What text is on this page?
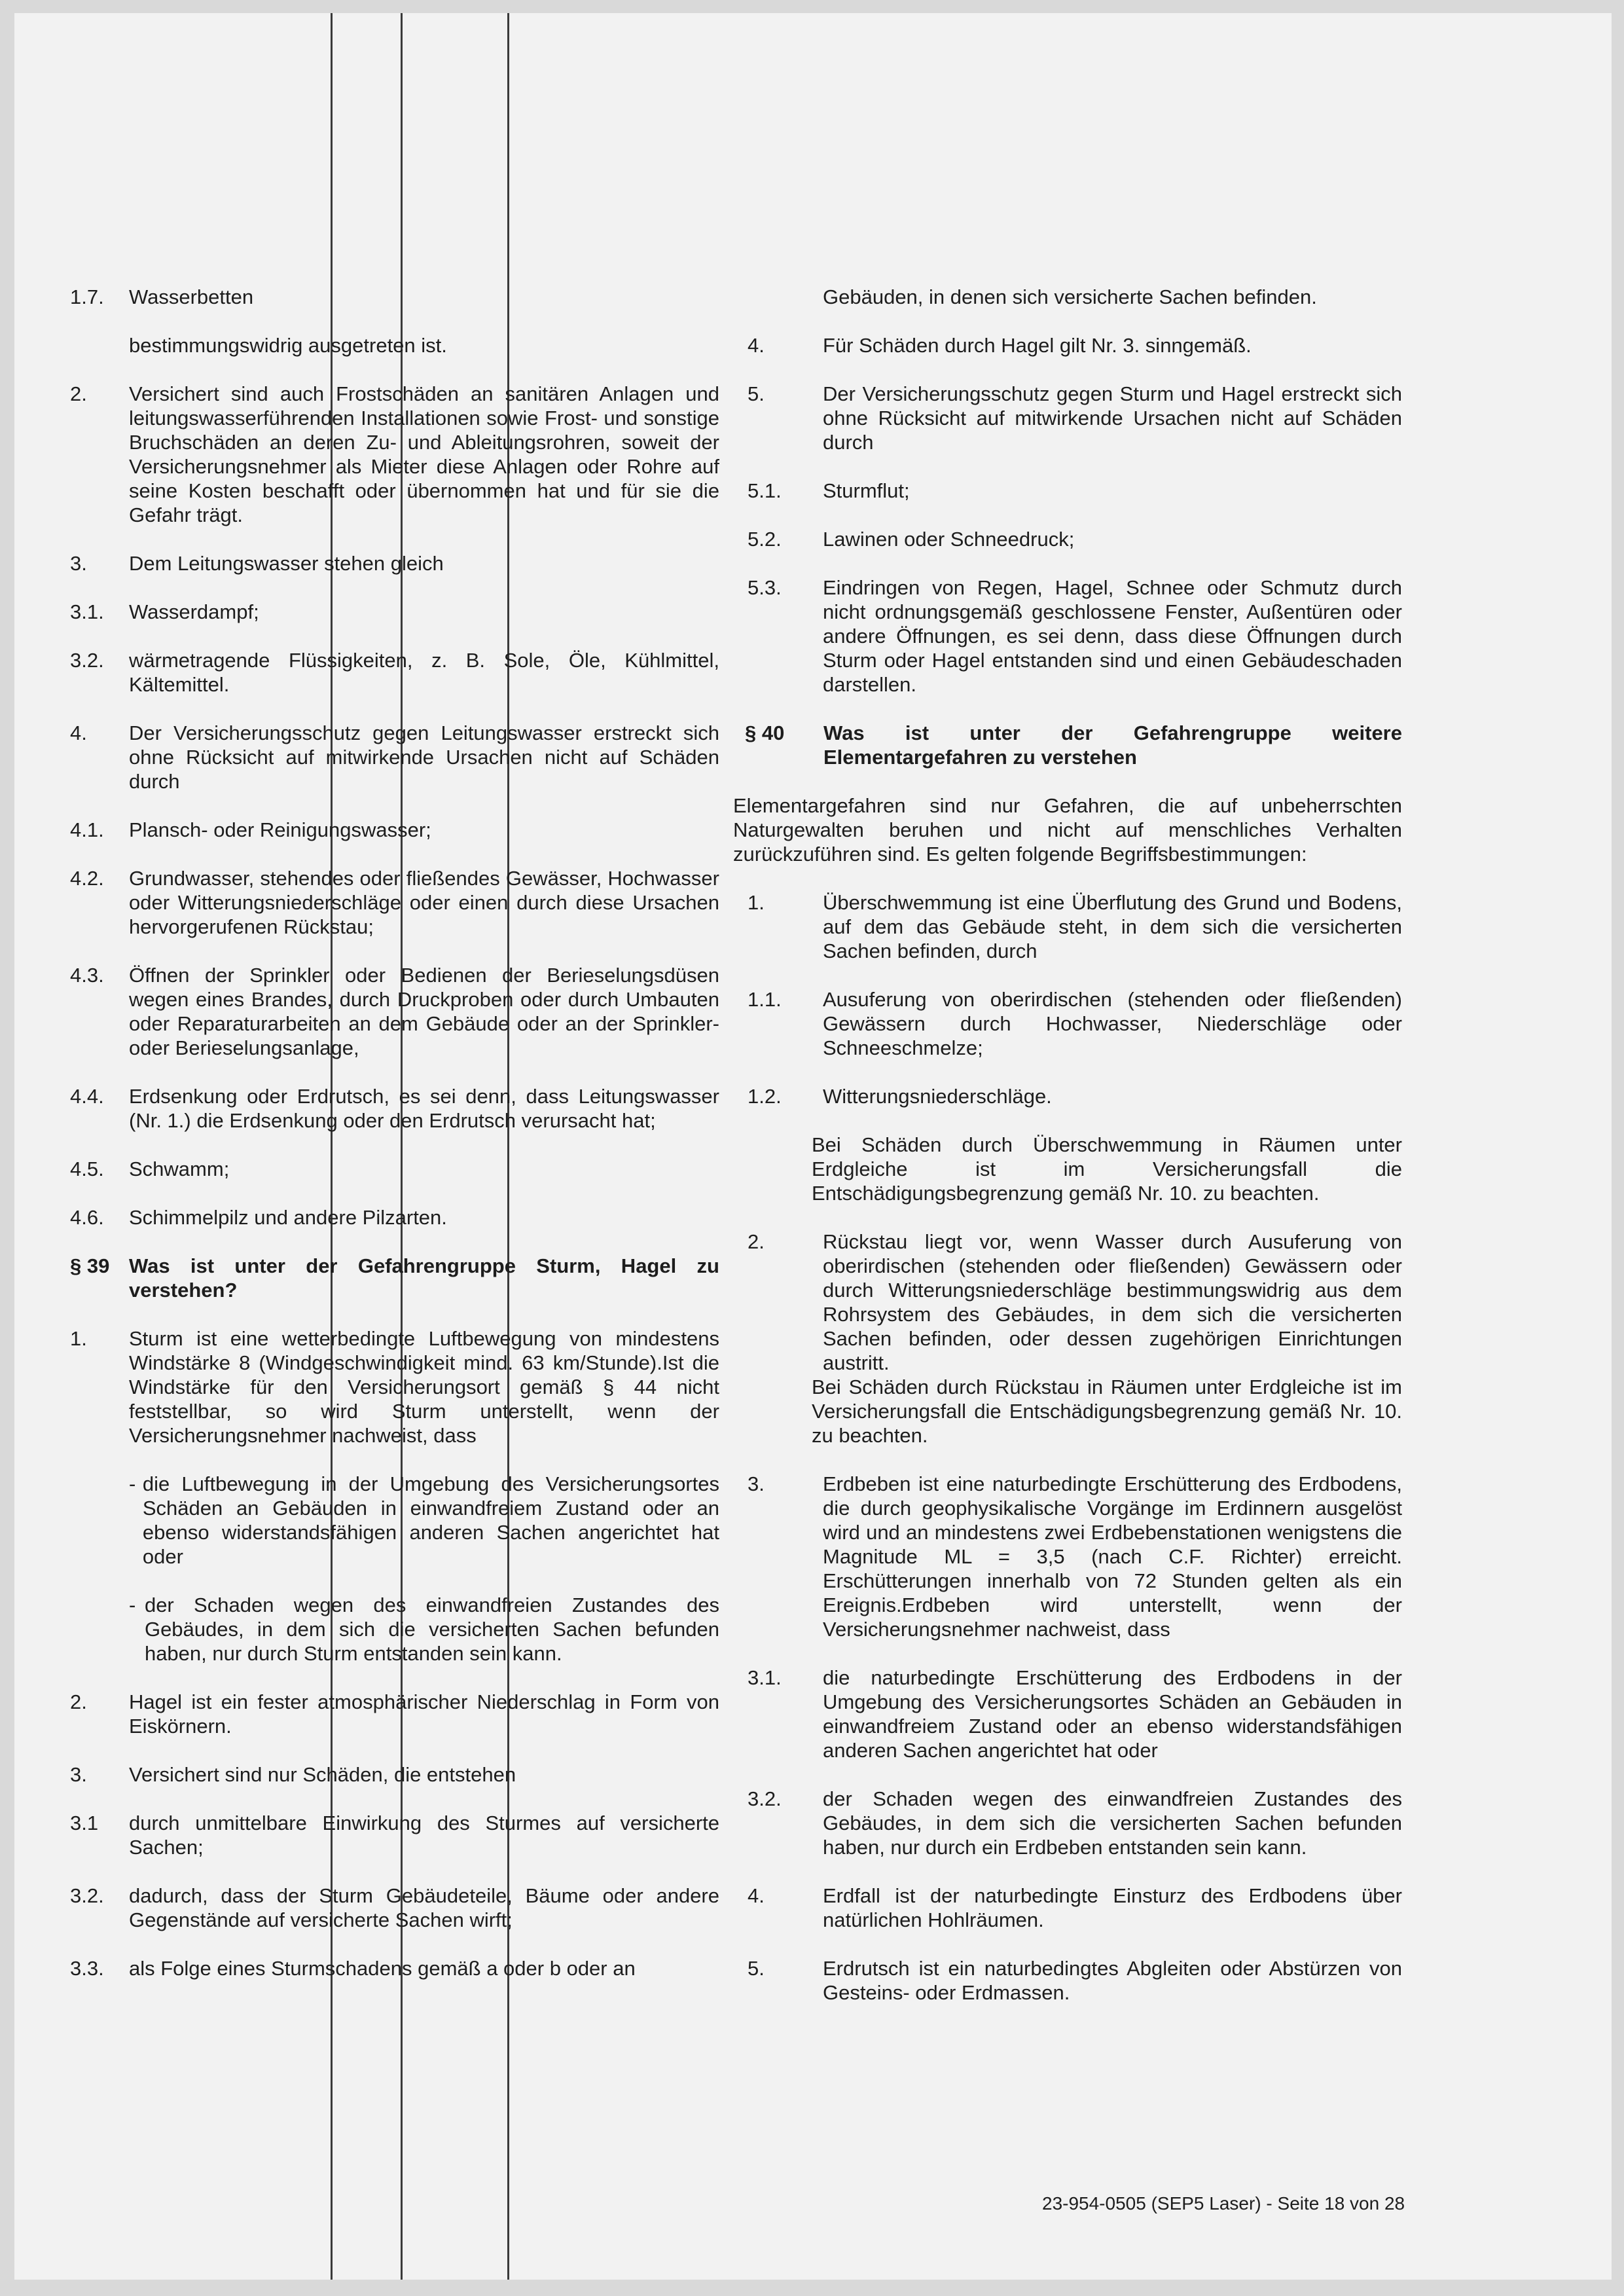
1.7.	Wasserbetten
bestimmungswidrig ausgetreten ist.
2.	Versichert sind auch Frostschäden an sanitären Anlagen und leitungswasserführenden Installationen sowie Frost- und sonstige Bruchschäden an deren Zu- und Ableitungsrohren, soweit der Versicherungsnehmer als Mieter diese Anlagen oder Rohre auf seine Kosten beschafft oder übernommen hat und für sie die Gefahr trägt.
3.	Dem Leitungswasser stehen gleich
3.1.	Wasserdampf;
3.2.	wärmetragende Flüssigkeiten, z. B. Sole, Öle, Kühlmittel, Kältemittel.
4.	Der Versicherungsschutz gegen Leitungswasser erstreckt sich ohne Rücksicht auf mitwirkende Ursachen nicht auf Schäden durch
4.1.	Plansch- oder Reinigungswasser;
4.2.	Grundwasser, stehendes oder fließendes Gewässer, Hochwasser oder Witterungsniederschläge oder einen durch diese Ursachen hervorgerufenen Rückstau;
4.3.	Öffnen der Sprinkler oder Bedienen der Berieselungsdüsen wegen eines Brandes, durch Druckproben oder durch Umbauten oder Reparaturarbeiten an dem Gebäude oder an der Sprinkler- oder Berieselungsanlage,
4.4.	Erdsenkung oder Erdrutsch, es sei denn, dass Leitungswasser (Nr. 1.) die Erdsenkung oder den Erdrutsch verursacht hat;
4.5.	Schwamm;
4.6.	Schimmelpilz und andere Pilzarten.
§ 39 Was ist unter der Gefahrengruppe Sturm, Hagel zu verstehen?
1.	Sturm ist eine wetterbedingte Luftbewegung von mindestens Windstärke 8 (Windgeschwindigkeit mind. 63 km/Stunde).Ist die Windstärke für den Versicherungsort gemäß § 44 nicht feststellbar, so wird Sturm unterstellt, wenn der Versicherungsnehmer nachweist, dass
- die Luftbewegung in der Umgebung des Versicherungsortes Schäden an Gebäuden in einwandfreiem Zustand oder an ebenso widerstandsfähigen anderen Sachen angerichtet hat oder
- der Schaden wegen des einwandfreien Zustandes des Gebäudes, in dem sich die versicherten Sachen befunden haben, nur durch Sturm entstanden sein kann.
2.	Hagel ist ein fester atmosphärischer Niederschlag in Form von Eiskörnern.
3.	Versichert sind nur Schäden, die entstehen
3.1	durch unmittelbare Einwirkung des Sturmes auf versicherte Sachen;
3.2.	dadurch, dass der Sturm Gebäudeteile, Bäume oder andere Gegenstände auf versicherte Sachen wirft;
3.3.	als Folge eines Sturmschadens gemäß a oder b oder an
Gebäuden, in denen sich versicherte Sachen befinden.
4.	Für Schäden durch Hagel gilt Nr. 3. sinngemäß.
5.	Der Versicherungsschutz gegen Sturm und Hagel erstreckt sich ohne Rücksicht auf mitwirkende Ursachen nicht auf Schäden durch
5.1.	Sturmflut;
5.2.	Lawinen oder Schneedruck;
5.3.	Eindringen von Regen, Hagel, Schnee oder Schmutz durch nicht ordnungsgemäß geschlossene Fenster, Außentüren oder andere Öffnungen, es sei denn, dass diese Öffnungen durch Sturm oder Hagel entstanden sind und einen Gebäudeschaden darstellen.
§ 40	Was ist unter der Gefahrengruppe weitere Elementargefahren zu verstehen
Elementargefahren sind nur Gefahren, die auf unbeherrschten Naturgewalten beruhen und nicht auf menschliches Verhalten zurückzuführen sind. Es gelten folgende Begriffsbestimmungen:
1.	Überschwemmung ist eine Überflutung des Grund und Bodens, auf dem das Gebäude steht, in dem sich die versicherten Sachen befinden, durch
1.1.	Ausuferung von oberirdischen (stehenden oder fließenden) Gewässern durch Hochwasser, Niederschläge oder Schneeschmelze;
1.2.	Witterungsniederschläge.
Bei Schäden durch Überschwemmung in Räumen unter Erdgleiche ist im Versicherungsfall die Entschädigungsbegrenzung gemäß Nr. 10. zu beachten.
2.	Rückstau liegt vor, wenn Wasser durch Ausuferung von oberirdischen (stehenden oder fließenden) Gewässern oder durch Witterungsniederschläge bestimmungswidrig aus dem Rohrsystem des Gebäudes, in dem sich die versicherten Sachen befinden, oder dessen zugehörigen Einrichtungen austritt.
Bei Schäden durch Rückstau in Räumen unter Erdgleiche ist im Versicherungsfall die Entschädigungsbegrenzung gemäß Nr. 10. zu beachten.
3.	Erdbeben ist eine naturbedingte Erschütterung des Erdbodens, die durch geophysikalische Vorgänge im Erdinnern ausgelöst wird und an mindestens zwei Erdbebenstationen wenigstens die Magnitude ML = 3,5 (nach C.F. Richter) erreicht. Erschütterungen innerhalb von 72 Stunden gelten als ein Ereignis.Erdbeben wird unterstellt, wenn der Versicherungsnehmer nachweist, dass
3.1.	die naturbedingte Erschütterung des Erdbodens in der Umgebung des Versicherungsortes Schäden an Gebäuden in einwandfreiem Zustand oder an ebenso widerstandsfähigen anderen Sachen angerichtet hat oder
3.2.	der Schaden wegen des einwandfreien Zustandes des Gebäudes, in dem sich die versicherten Sachen befunden haben, nur durch ein Erdbeben entstanden sein kann.
4.	Erdfall ist der naturbedingte Einsturz des Erdbodens über natürlichen Hohlräumen.
5.	Erdrutsch ist ein naturbedingtes Abgleiten oder Abstürzen von Gesteins- oder Erdmassen.
23-954-0505 (SEP5 Laser) - Seite 18 von 28
